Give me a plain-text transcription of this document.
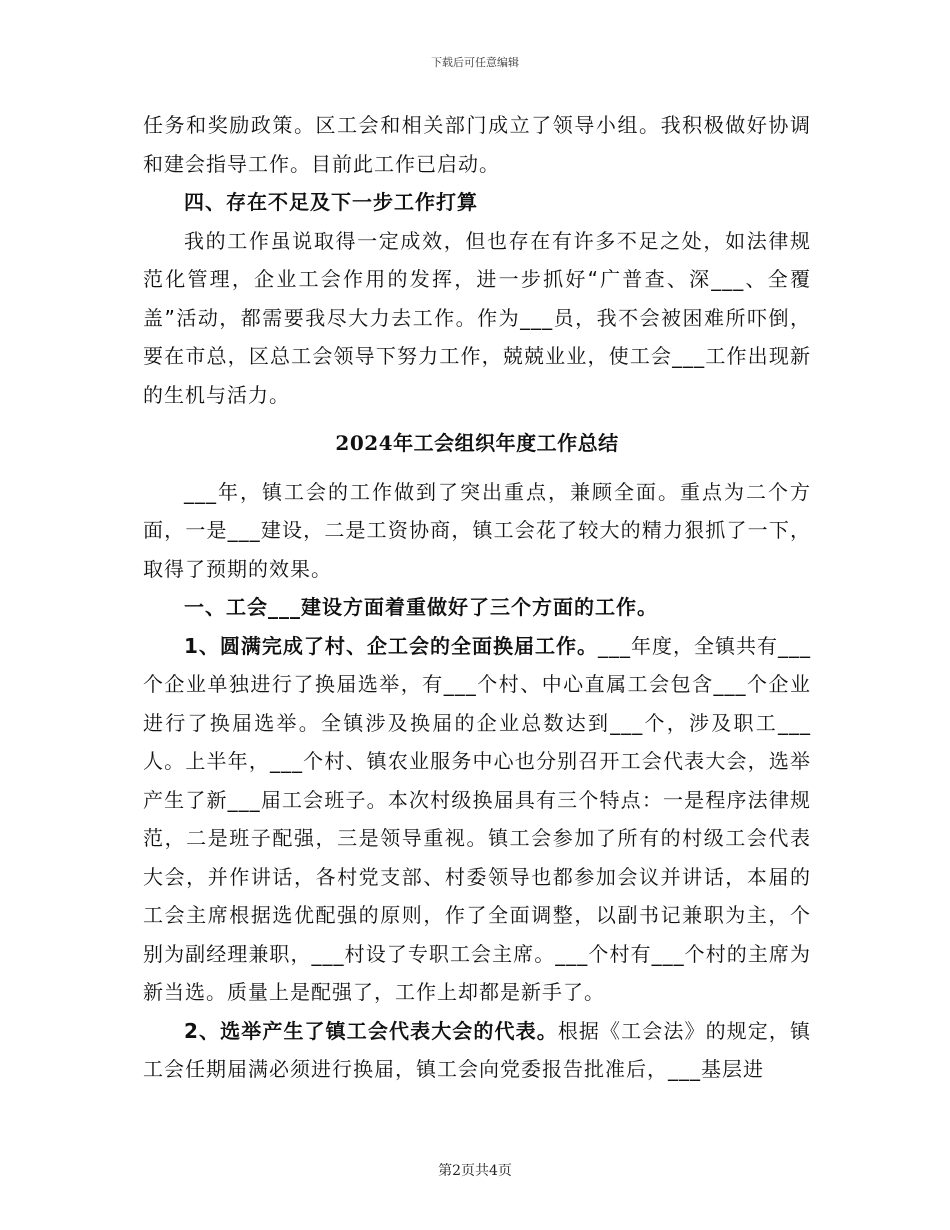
下载后可任意编辑

任务和奖励政策。区工会和相关部门成立了领导小组。我积极做好协调和建会指导工作。目前此工作已启动。

四、存在不足及下一步工作打算

我的工作虽说取得一定成效，但也存在有许多不足之处，如法律规范化管理，企业工会作用的发挥，进一步抓好“广普查、深___、全覆盖”活动，都需要我尽大力去工作。作为___员，我不会被困难所吓倒，要在市总，区总工会领导下努力工作，兢兢业业，使工会___工作出现新的生机与活力。

2024年工会组织年度工作总结

___年，镇工会的工作做到了突出重点，兼顾全面。重点为二个方面，一是___建设，二是工资协商，镇工会花了较大的精力狠抓了一下，取得了预期的效果。

一、工会___建设方面着重做好了三个方面的工作。

1、圆满完成了村、企工会的全面换届工作。___年度，全镇共有___个企业单独进行了换届选举，有___个村、中心直属工会包含___个企业进行了换届选举。全镇涉及换届的企业总数达到___个，涉及职工___人。上半年，___个村、镇农业服务中心也分别召开工会代表大会，选举产生了新___届工会班子。本次村级换届具有三个特点：一是程序法律规范，二是班子配强，三是领导重视。镇工会参加了所有的村级工会代表大会，并作讲话，各村党支部、村委领导也都参加会议并讲话，本届的工会主席根据选优配强的原则，作了全面调整，以副书记兼职为主，个别为副经理兼职，___村设了专职工会主席。___个村有___个村的主席为新当选。质量上是配强了，工作上却都是新手了。

2、选举产生了镇工会代表大会的代表。根据《工会法》的规定，镇工会任期届满必须进行换届，镇工会向党委报告批准后，___基层进

第2页共4页
